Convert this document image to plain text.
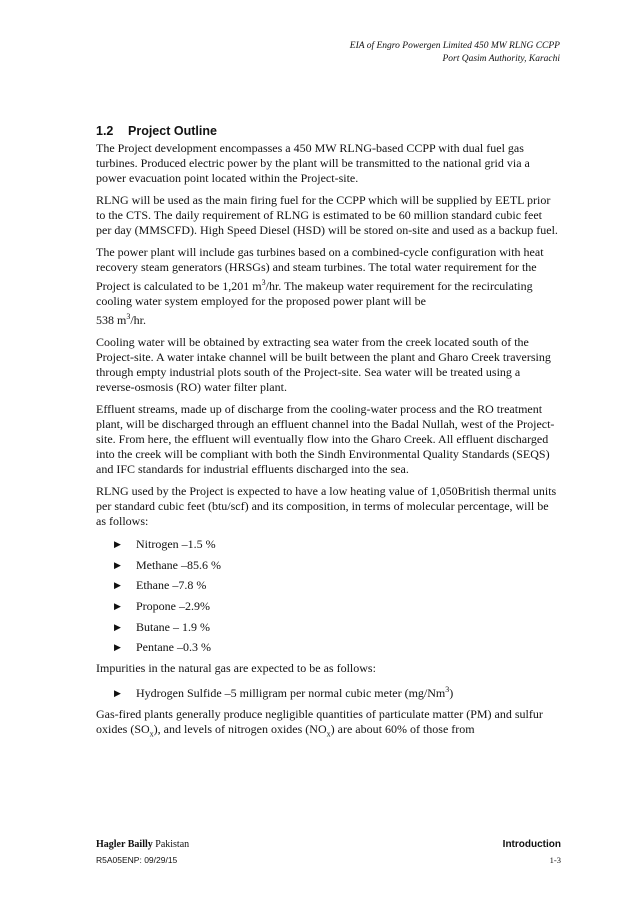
EIA of Engro Powergen Limited 450 MW RLNG CCPP
Port Qasim Authority, Karachi
1.2 Project Outline

The Project development encompasses a 450 MW RLNG-based CCPP with dual fuel gas turbines. Produced electric power by the plant will be transmitted to the national grid via a power evacuation point located within the Project-site.

RLNG will be used as the main firing fuel for the CCPP which will be supplied by EETL prior to the CTS. The daily requirement of RLNG is estimated to be 60 million standard cubic feet per day (MMSCFD). High Speed Diesel (HSD) will be stored on-site and used as a backup fuel.

The power plant will include gas turbines based on a combined-cycle configuration with heat recovery steam generators (HRSGs) and steam turbines. The total water requirement for the Project is calculated to be 1,201 $m^3/hr$. The makeup water requirement for the recirculating cooling water system employed for the proposed power plant will be
538 $m^3/hr$.

Cooling water will be obtained by extracting sea water from the creek located south of the Project-site. A water intake channel will be built between the plant and Gharo Creek traversing through empty industrial plots south of the Project-site. Sea water will be treated using a reverse-osmosis (RO) water filter plant.

Effluent streams, made up of discharge from the cooling-water process and the RO treatment plant, will be discharged through an effluent channel into the Badal Nullah, west of the Project-site. From here, the effluent will eventually flow into the Gharo Creek. All effluent discharged into the creek will be compliant with both the Sindh Environmental Quality Standards (SEQS) and IFC standards for industrial effluents discharged into the sea.

RLNG used by the Project is expected to have a low heating value of 1,050British thermal units per standard cubic feet (btu/scf) and its composition, in terms of molecular percentage, will be as follows:

▶ Nitrogen –1.5 %
▶ Methane –85.6 %
▶ Ethane –7.8 %
▶ Propone –2.9%
▶ Butane – 1.9 %
▶ Pentane –0.3 %

Impurities in the natural gas are expected to be as follows:

▶ Hydrogen Sulfide –5 milligram per normal cubic meter (mg/Nm$^3$)

Gas-fired plants generally produce negligible quantities of particulate matter (PM) and sulfur oxides $(SO_x)$, and levels of nitrogen oxides $(NO_x)$ are about 60% of those from

Hagler Bailly Pakistan	Introduction
R5A05ENP: 09/29/15	1-3
